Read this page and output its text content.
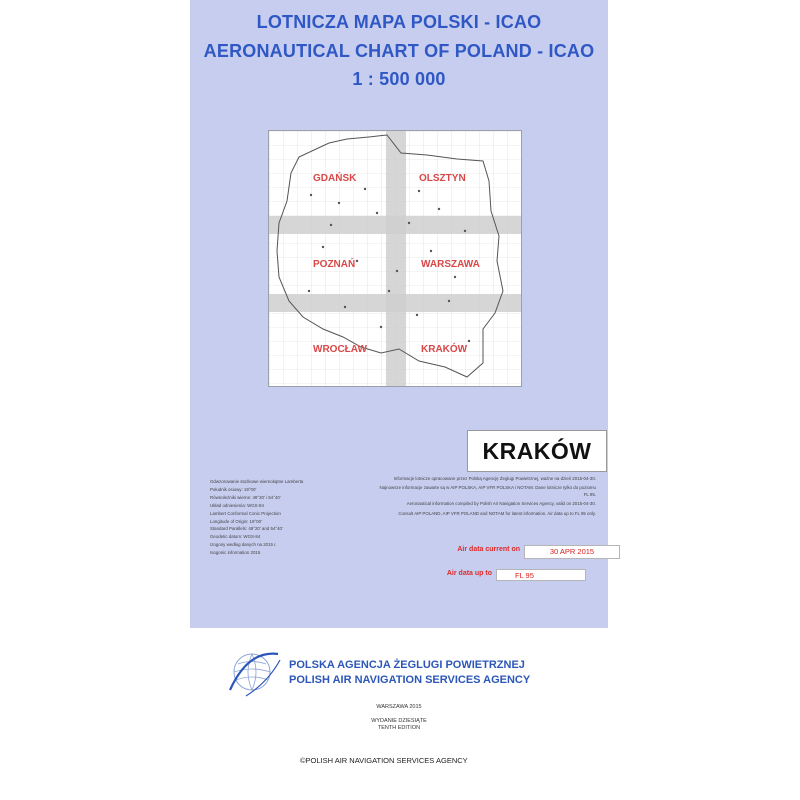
LOTNICZA MAPA POLSKI - ICAO
AERONAUTICAL CHART OF POLAND - ICAO
1 : 500 000
GDAŃSK	OLSZTYN
POZNAŃ	WARSZAWA
WROCŁAW	KRAKÓW
KRAKÓW
Odwzorowanie stożkowe wiernokątne Lamberta
Południk osiowy: 19°00'
Równoleżniki wierne: 49°20' i 54°40'
Układ odniesienia: WGS-84
Lambert Conformal Conic Projection
Longitude of Origin: 19°00'
Standard Parallels: 49°20' and 54°40'
Geodetic datum: WGS-84
Izogony według danych na 2015 r.
Isogonic information 2015

Informacje lotnicze opracowane przez Polską Agencję Żeglugi Powietrznej, ważne na dzień 2015-04-30.

Najnowsze informacje zawarte są w AIP POLSKA, AIP VFR POLSKA i NOTAM. Dane lotnicze tylko do poziomu FL 95.

Aeronautical information compiled by Polish Air Navigation Services Agency, valid on 2015-04-30.

Consult AIP POLAND, AIP VFR POLAND and NOTAM for latest information. Air data up to FL 95 only.

Air data current on	30 APR 2015
Air data up to	FL 95
POLSKA AGENCJA ŻEGLUGI POWIETRZNEJ
POLISH AIR NAVIGATION SERVICES AGENCY
WARSZAWA 2015
WYDANIE DZIESIĄTE
TENTH EDITION
©POLISH AIR NAVIGATION SERVICES AGENCY
